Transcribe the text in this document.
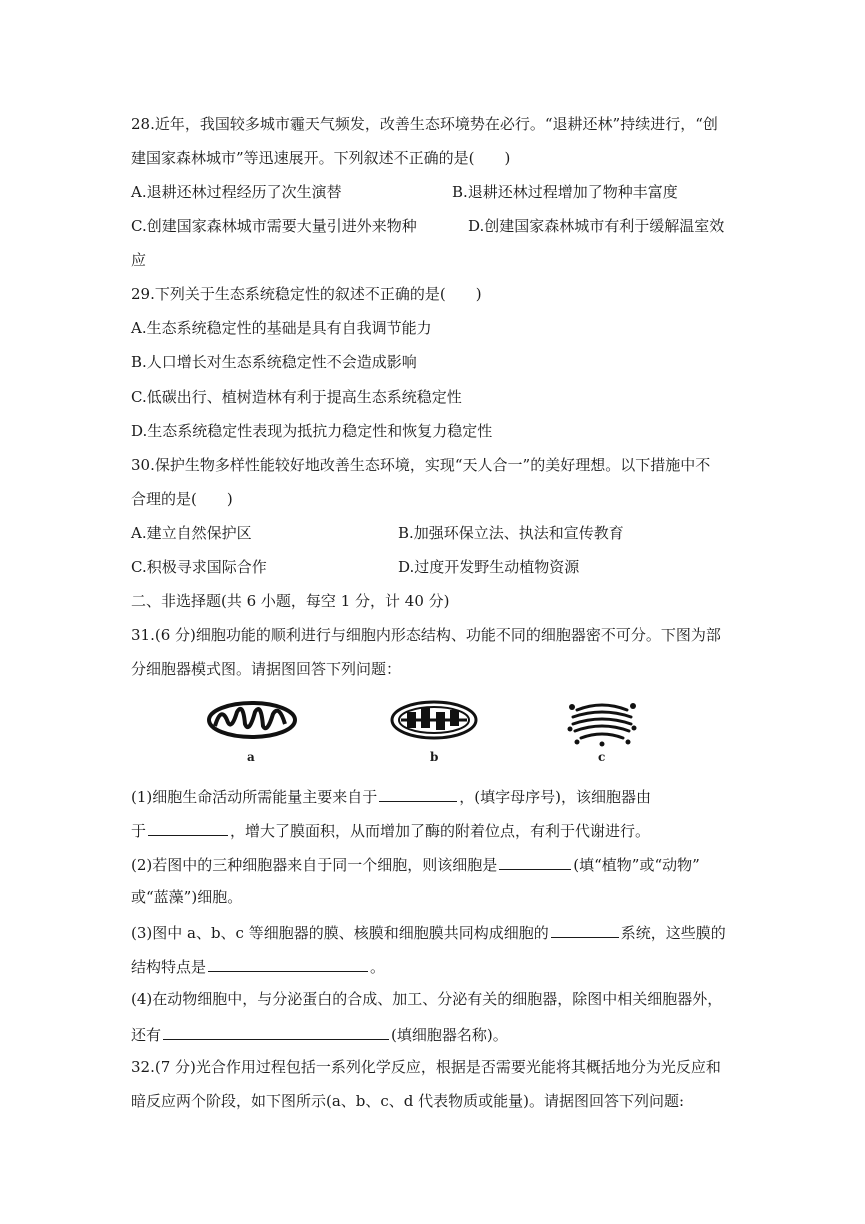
28.近年，我国较多城市霾天气频发，改善生态环境势在必行。“退耕还林”持续进行，“创
建国家森林城市”等迅速展开。下列叙述不正确的是(　　)
A.退耕还林过程经历了次生演替	B.退耕还林过程增加了物种丰富度
C.创建国家森林城市需要大量引进外来物种	D.创建国家森林城市有利于缓解温室效
应
29.下列关于生态系统稳定性的叙述不正确的是(　　)
A.生态系统稳定性的基础是具有自我调节能力
B.人口增长对生态系统稳定性不会造成影响
C.低碳出行、植树造林有利于提高生态系统稳定性
D.生态系统稳定性表现为抵抗力稳定性和恢复力稳定性
30.保护生物多样性能较好地改善生态环境，实现“天人合一”的美好理想。以下措施中不
合理的是(　　)
A.建立自然保护区	B.加强环保立法、执法和宣传教育
C.积极寻求国际合作	D.过度开发野生动植物资源
二、非选择题(共 6 小题，每空 1 分，计 40 分)
31.(6 分)细胞功能的顺利进行与细胞内形态结构、功能不同的细胞器密不可分。下图为部
分细胞器模式图。请据图回答下列问题：
a	b	c
(1)细胞生命活动所需能量主要来自于	，(填字母序号)，该细胞器由
于	，增大了膜面积，从而增加了酶的附着位点，有利于代谢进行。
(2)若图中的三种细胞器来自于同一个细胞，则该细胞是	(填“植物”或“动物”
或“蓝藻”)细胞。
(3)图中 a、b、c 等细胞器的膜、核膜和细胞膜共同构成细胞的	系统，这些膜的
结构特点是	。
(4)在动物细胞中，与分泌蛋白的合成、加工、分泌有关的细胞器，除图中相关细胞器外，
还有	(填细胞器名称)。
32.(7 分)光合作用过程包括一系列化学反应，根据是否需要光能将其概括地分为光反应和
暗反应两个阶段，如下图所示(a、b、c、d 代表物质或能量)。请据图回答下列问题:
